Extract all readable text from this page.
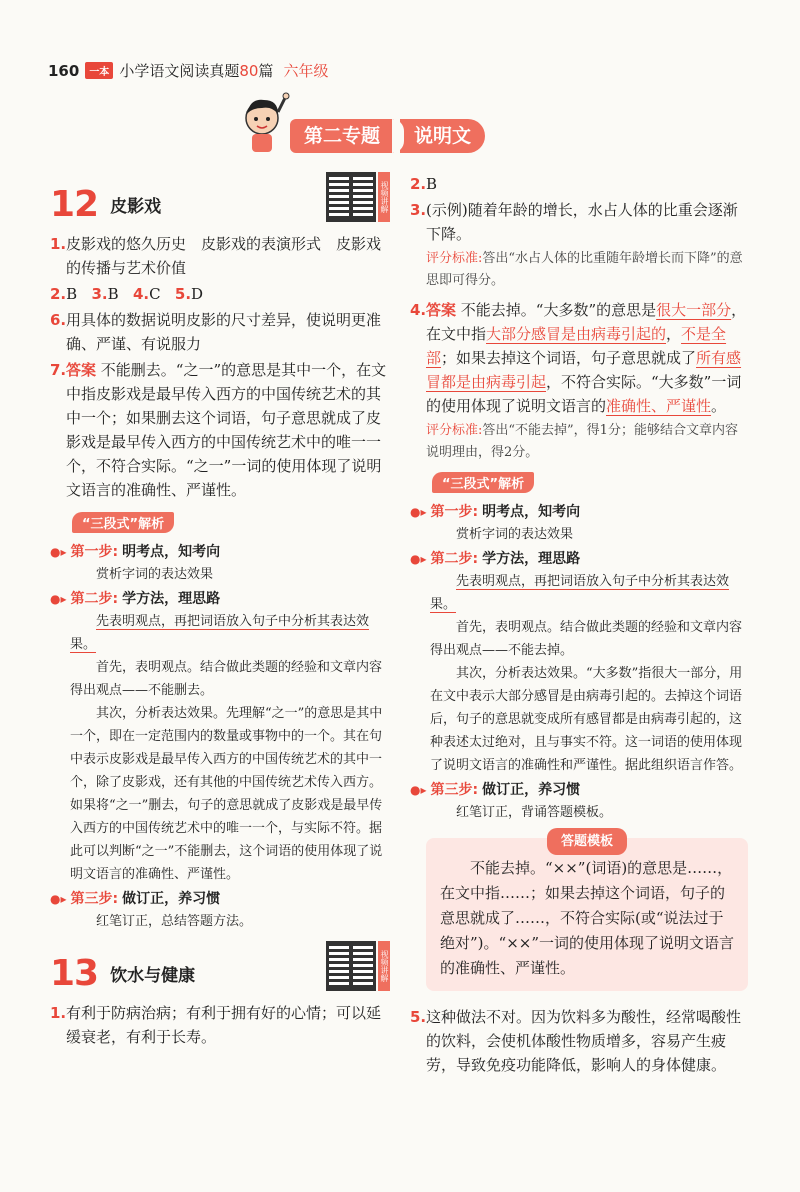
160	一本 小学语文阅读真题80篇 六年级
第二专题	说明文
12 皮影戏	视频讲解
1. 皮影戏的悠久历史　皮影戏的表演形式　皮影戏的传播与艺术价值
2.B 3.B 4.C 5.D
6. 用具体的数据说明皮影的尺寸差异，使说明更准确、严谨、有说服力
7. 答案 不能删去。“之一”的意思是其中一个，在文中指皮影戏是最早传入西方的中国传统艺术的其中一个；如果删去这个词语，句子意思就成了皮影戏是最早传入西方的中国传统艺术中的唯一一个，不符合实际。“之一”一词的使用体现了说明文语言的准确性、严谨性。
“三段式”解析
●▸ 第一步: 明考点，知考向
赏析字词的表达效果
●▸ 第二步: 学方法，理思路

先表明观点，再把词语放入句子中分析其表达效果。

首先，表明观点。结合做此类题的经验和文章内容得出观点——不能删去。

其次，分析表达效果。先理解“之一”的意思是其中一个，即在一定范围内的数量或事物中的一个。其在句中表示皮影戏是最早传入西方的中国传统艺术的其中一个，除了皮影戏，还有其他的中国传统艺术传入西方。如果将“之一”删去，句子的意思就成了皮影戏是最早传入西方的中国传统艺术中的唯一一个，与实际不符。据此可以判断“之一”不能删去，这个词语的使用体现了说明文语言的准确性、严谨性。

●▸ 第三步: 做订正，养习惯
红笔订正，总结答题方法。
13 饮水与健康	视频讲解
1. 有利于防病治病；有利于拥有好的心情；可以延缓衰老，有利于长寿。
2. B
3. (示例)随着年龄的增长，水占人体的比重会逐渐下降。
评分标准:答出“水占人体的比重随年龄增长而下降”的意思即可得分。
4. 答案 不能去掉。“大多数”的意思是很大一部分，在文中指大部分感冒是由病毒引起的，不是全部；如果去掉这个词语，句子意思就成了所有感冒都是由病毒引起，不符合实际。“大多数”一词的使用体现了说明文语言的准确性、严谨性。
评分标准:答出“不能去掉”，得1分；能够结合文章内容说明理由，得2分。
“三段式”解析
●▸ 第一步: 明考点，知考向
赏析字词的表达效果
●▸ 第二步: 学方法，理思路

先表明观点，再把词语放入句子中分析其表达效果。

首先，表明观点。结合做此类题的经验和文章内容得出观点——不能去掉。

其次，分析表达效果。“大多数”指很大一部分，用在文中表示大部分感冒是由病毒引起的。去掉这个词语后，句子的意思就变成所有感冒都是由病毒引起的，这种表述太过绝对，且与事实不符。这一词语的使用体现了说明文语言的准确性和严谨性。据此组织语言作答。

●▸ 第三步: 做订正，养习惯
红笔订正，背诵答题模板。
答题模板

不能去掉。“××”(词语)的意思是……，在文中指……；如果去掉这个词语，句子的意思就成了……，不符合实际(或“说法过于绝对”)。“××”一词的使用体现了说明文语言的准确性、严谨性。

5. 这种做法不对。因为饮料多为酸性，经常喝酸性的饮料，会使机体酸性物质增多，容易产生疲劳，导致免疫功能降低，影响人的身体健康。
